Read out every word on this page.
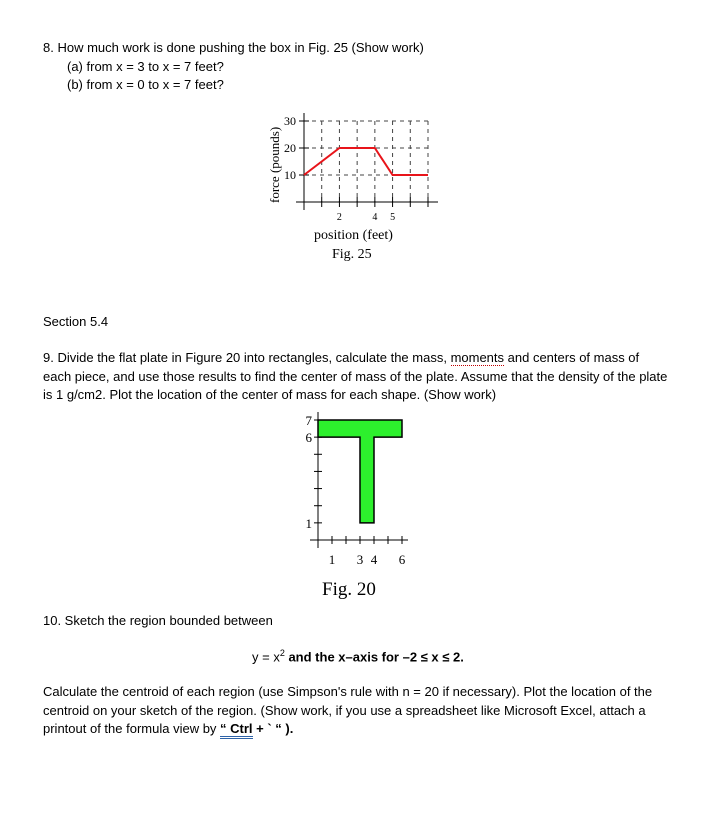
8. How much work is done pushing the box in Fig. 25 (Show work)
(a) from x = 3 to x = 7 feet?
(b) from x = 0 to x = 7 feet?
force (pounds)
30
20
10
2	4 5
position (feet)
Fig. 25
Section 5.4
9. Divide the flat plate in Figure 20 into rectangles, calculate the mass, moments and centers of mass of each piece, and use those results to find the center of mass of the plate. Assume that the density of the plate is 1 g/cm2. Plot the location of the center of mass for each shape. (Show work)
7
6
1
1 3 4 6
Fig. 20
10. Sketch the region bounded between
$y = x^2$ and the x–axis for –2 ≤ x ≤ 2.
Calculate the centroid of each region (use Simpson's rule with n = 20 if necessary). Plot the location of the centroid on your sketch of the region. (Show work, if you use a spreadsheet like Microsoft Excel, attach a printout of the formula view by “ Ctrl + ` “ ).
